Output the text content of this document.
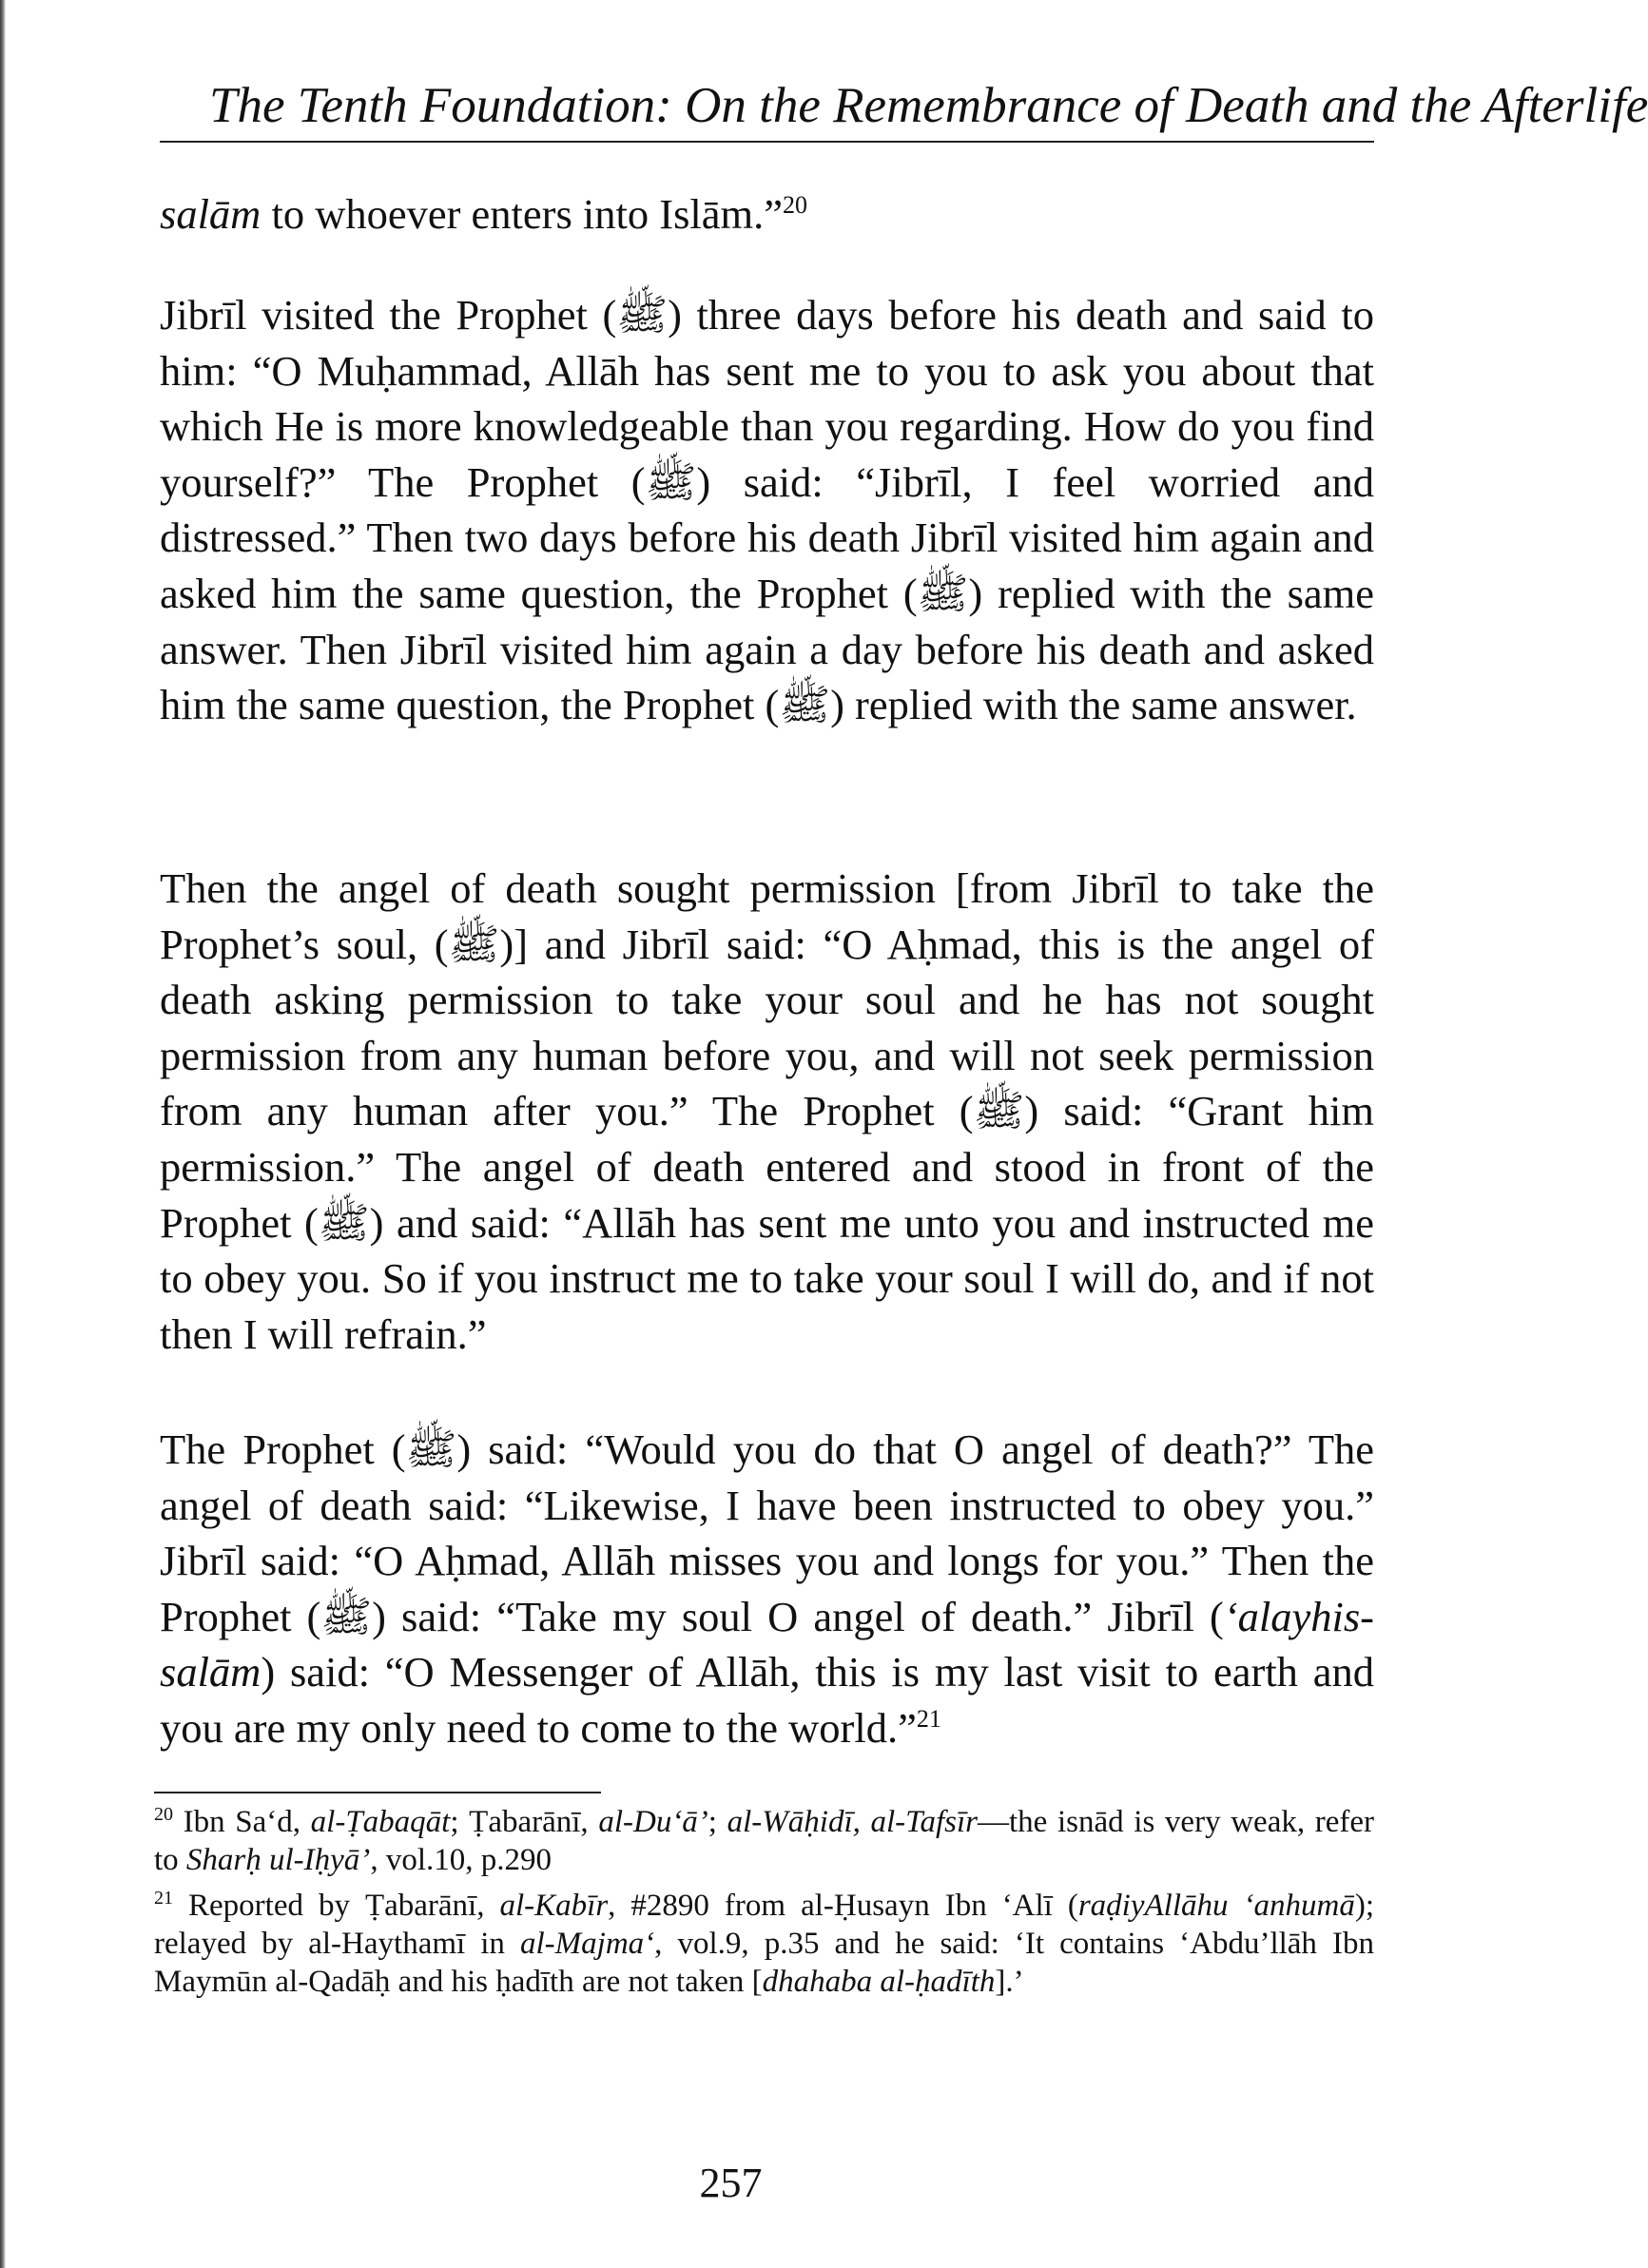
The Tenth Foundation: On the Remembrance of Death and the Afterlife

salām to whoever enters into Islām.”$^{20}$

Jibrīl visited the Prophet (ﷺ) three days before his death and said to him: “O Muḥammad, Allāh has sent me to you to ask you about that which He is more knowledgeable than you regarding. How do you find yourself?” The Prophet (ﷺ) said: “Jibrīl, I feel worried and distressed.” Then two days before his death Jibrīl visited him again and asked him the same question, the Prophet (ﷺ) replied with the same answer. Then Jibrīl visited him again a day before his death and asked him the same question, the Prophet (ﷺ) replied with the same answer.

Then the angel of death sought permission [from Jibrīl to take the Prophet’s soul, (ﷺ)] and Jibrīl said: “O Aḥmad, this is the angel of death asking permission to take your soul and he has not sought permission from any human before you, and will not seek permission from any human after you.” The Prophet (ﷺ) said: “Grant him permission.” The angel of death entered and stood in front of the Prophet (ﷺ) and said: “Allāh has sent me unto you and instructed me to obey you. So if you instruct me to take your soul I will do, and if not then I will refrain.”

The Prophet (ﷺ) said: “Would you do that O angel of death?” The angel of death said: “Likewise, I have been instructed to obey you.” Jibrīl said: “O Aḥmad, Allāh misses you and longs for you.” Then the Prophet (ﷺ) said: “Take my soul O angel of death.” Jibrīl (‘alayhis-salām) said: “O Messenger of Allāh, this is my last visit to earth and you are my only need to come to the world.”$^{21}$

$^{20}$ Ibn Sa‘d, al-Ṭabaqāt; Ṭabarānī, al-Du‘ā’; al-Wāḥidī, al-Tafsīr—the isnād is very weak, refer to Sharḥ ul-Iḥyā’, vol.10, p.290

$^{21}$ Reported by Ṭabarānī, al-Kabīr, #2890 from al-Ḥusayn Ibn ‘Alī (raḍiyAllāhu ‘anhumā); relayed by al-Haythamī in al-Majma‘, vol.9, p.35 and he said: ‘It contains ‘Abdu’llāh Ibn Maymūn al-Qadāḥ and his ḥadīth are not taken [dhahaba al-ḥadīth].’

257
